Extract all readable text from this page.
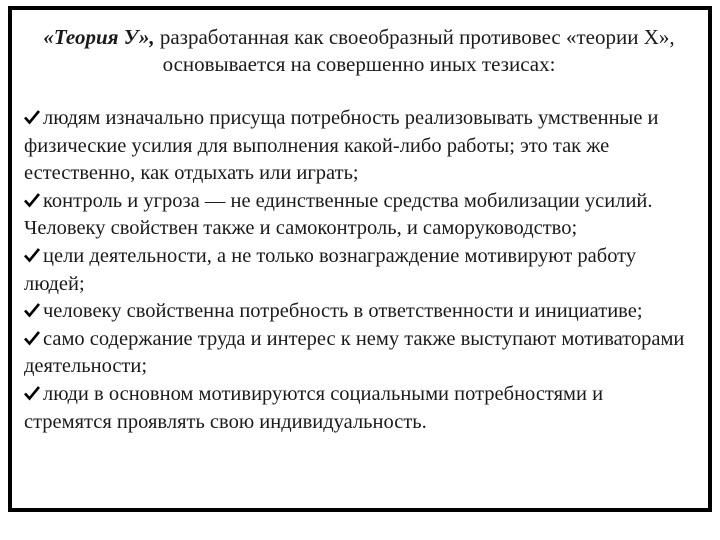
«Теория У», разработанная как своеобразный противовес «теории Х», основывается на совершенно иных тезисах:

людям изначально присуща потребность реализовывать умственные и физические усилия для выполнения какой-либо работы; это так же естественно, как отдыхать или играть;
контроль и угроза — не единственные средства мобилизации усилий. Человеку свойствен также и самоконтроль, и саморуководство;
цели деятельности, а не только вознаграждение мотивируют работу людей;
человеку свойственна потребность в ответственности и инициативе;
само содержание труда и интерес к нему также выступают мотиваторами деятельности;
люди в основном мотивируются социальными потребностями и стремятся проявлять свою индивидуальность.
